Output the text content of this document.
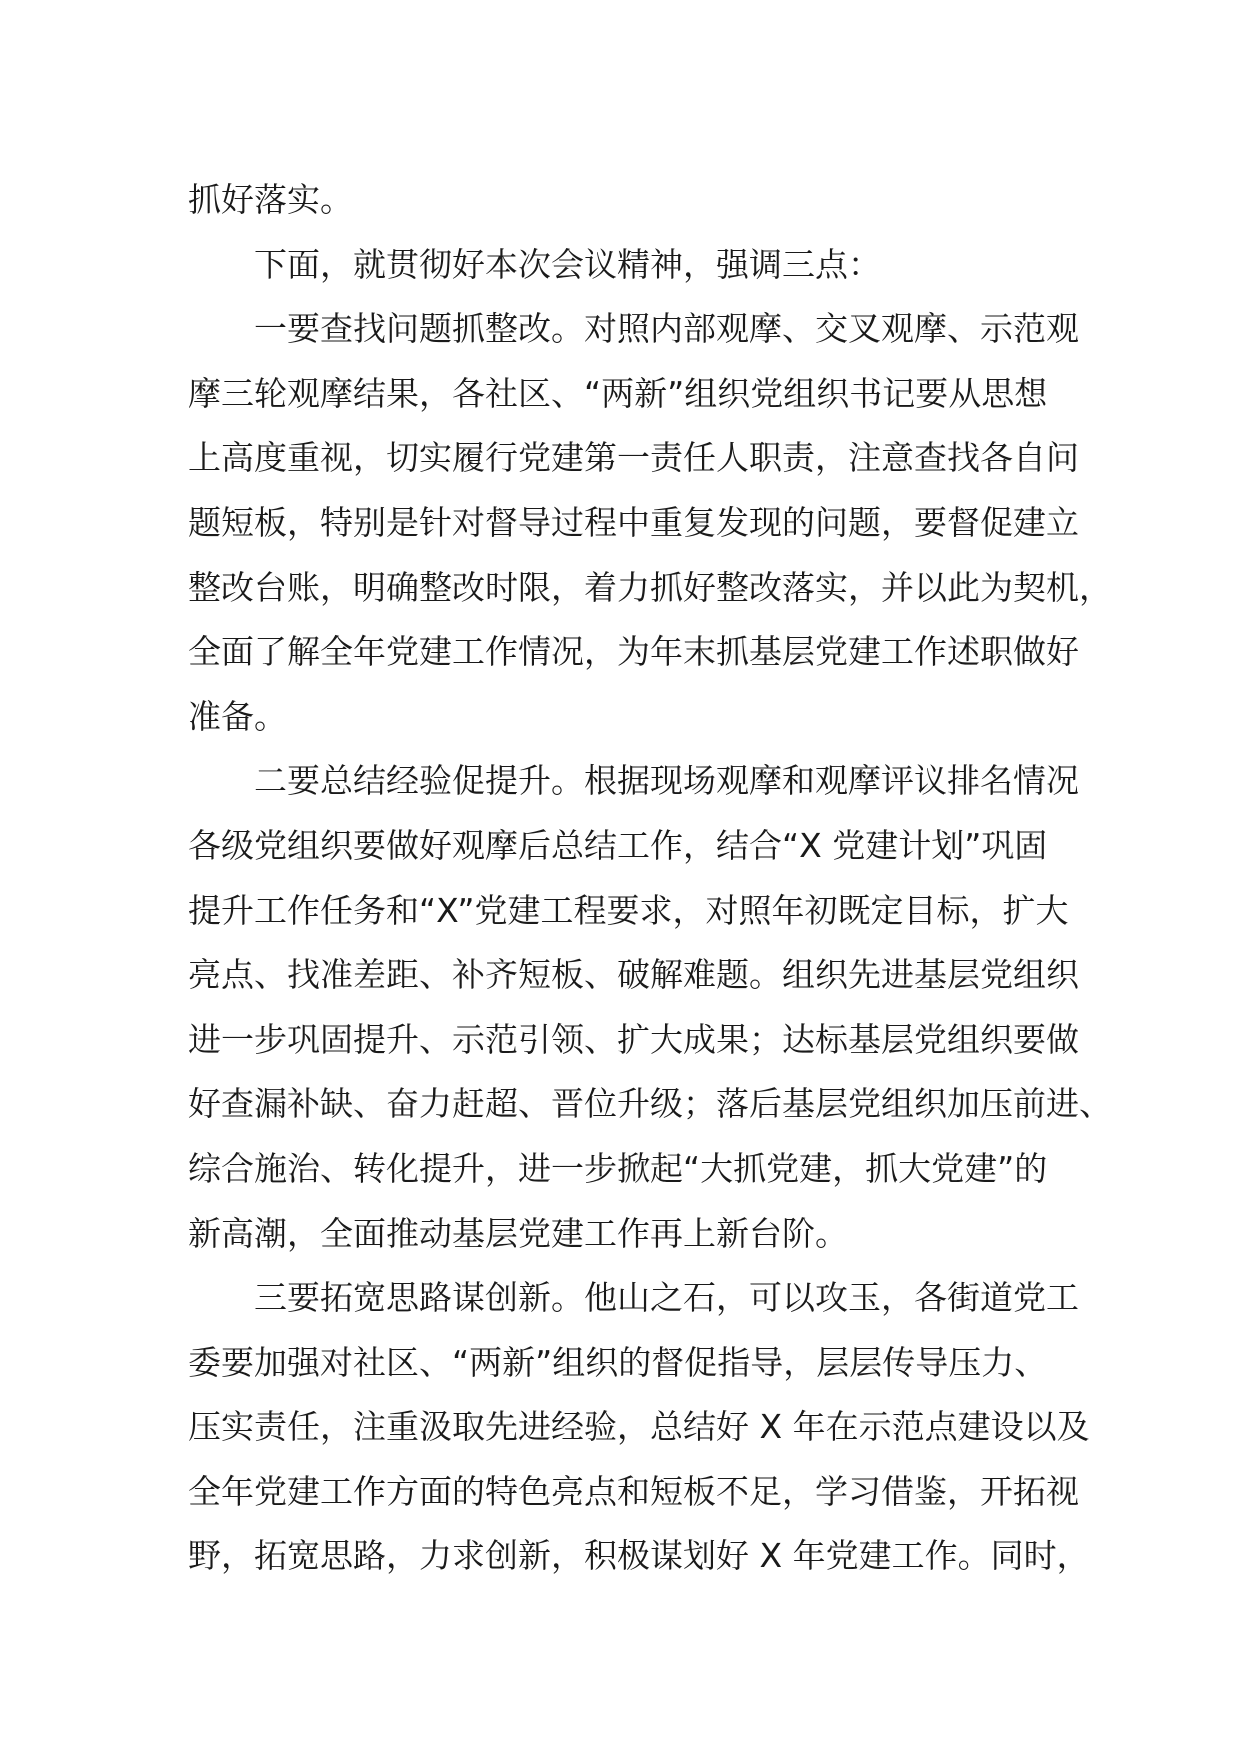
抓好落实。
下面，就贯彻好本次会议精神，强调三点：
一要查找问题抓整改。对照内部观摩、交叉观摩、示范观
摩三轮观摩结果，各社区、“两新”组织党组织书记要从思想
上高度重视，切实履行党建第一责任人职责，注意查找各自问
题短板，特别是针对督导过程中重复发现的问题，要督促建立
整改台账，明确整改时限，着力抓好整改落实，并以此为契机，
全面了解全年党建工作情况，为年末抓基层党建工作述职做好
准备。
二要总结经验促提升。根据现场观摩和观摩评议排名情况
各级党组织要做好观摩后总结工作，结合“X 党建计划”巩固
提升工作任务和“X”党建工程要求，对照年初既定目标，扩大
亮点、找准差距、补齐短板、破解难题。组织先进基层党组织
进一步巩固提升、示范引领、扩大成果；达标基层党组织要做
好查漏补缺、奋力赶超、晋位升级；落后基层党组织加压前进、
综合施治、转化提升，进一步掀起“大抓党建，抓大党建”的
新高潮，全面推动基层党建工作再上新台阶。
三要拓宽思路谋创新。他山之石，可以攻玉，各街道党工
委要加强对社区、“两新”组织的督促指导，层层传导压力、
压实责任，注重汲取先进经验，总结好 X 年在示范点建设以及
全年党建工作方面的特色亮点和短板不足，学习借鉴，开拓视
野，拓宽思路，力求创新，积极谋划好 X 年党建工作。同时，
